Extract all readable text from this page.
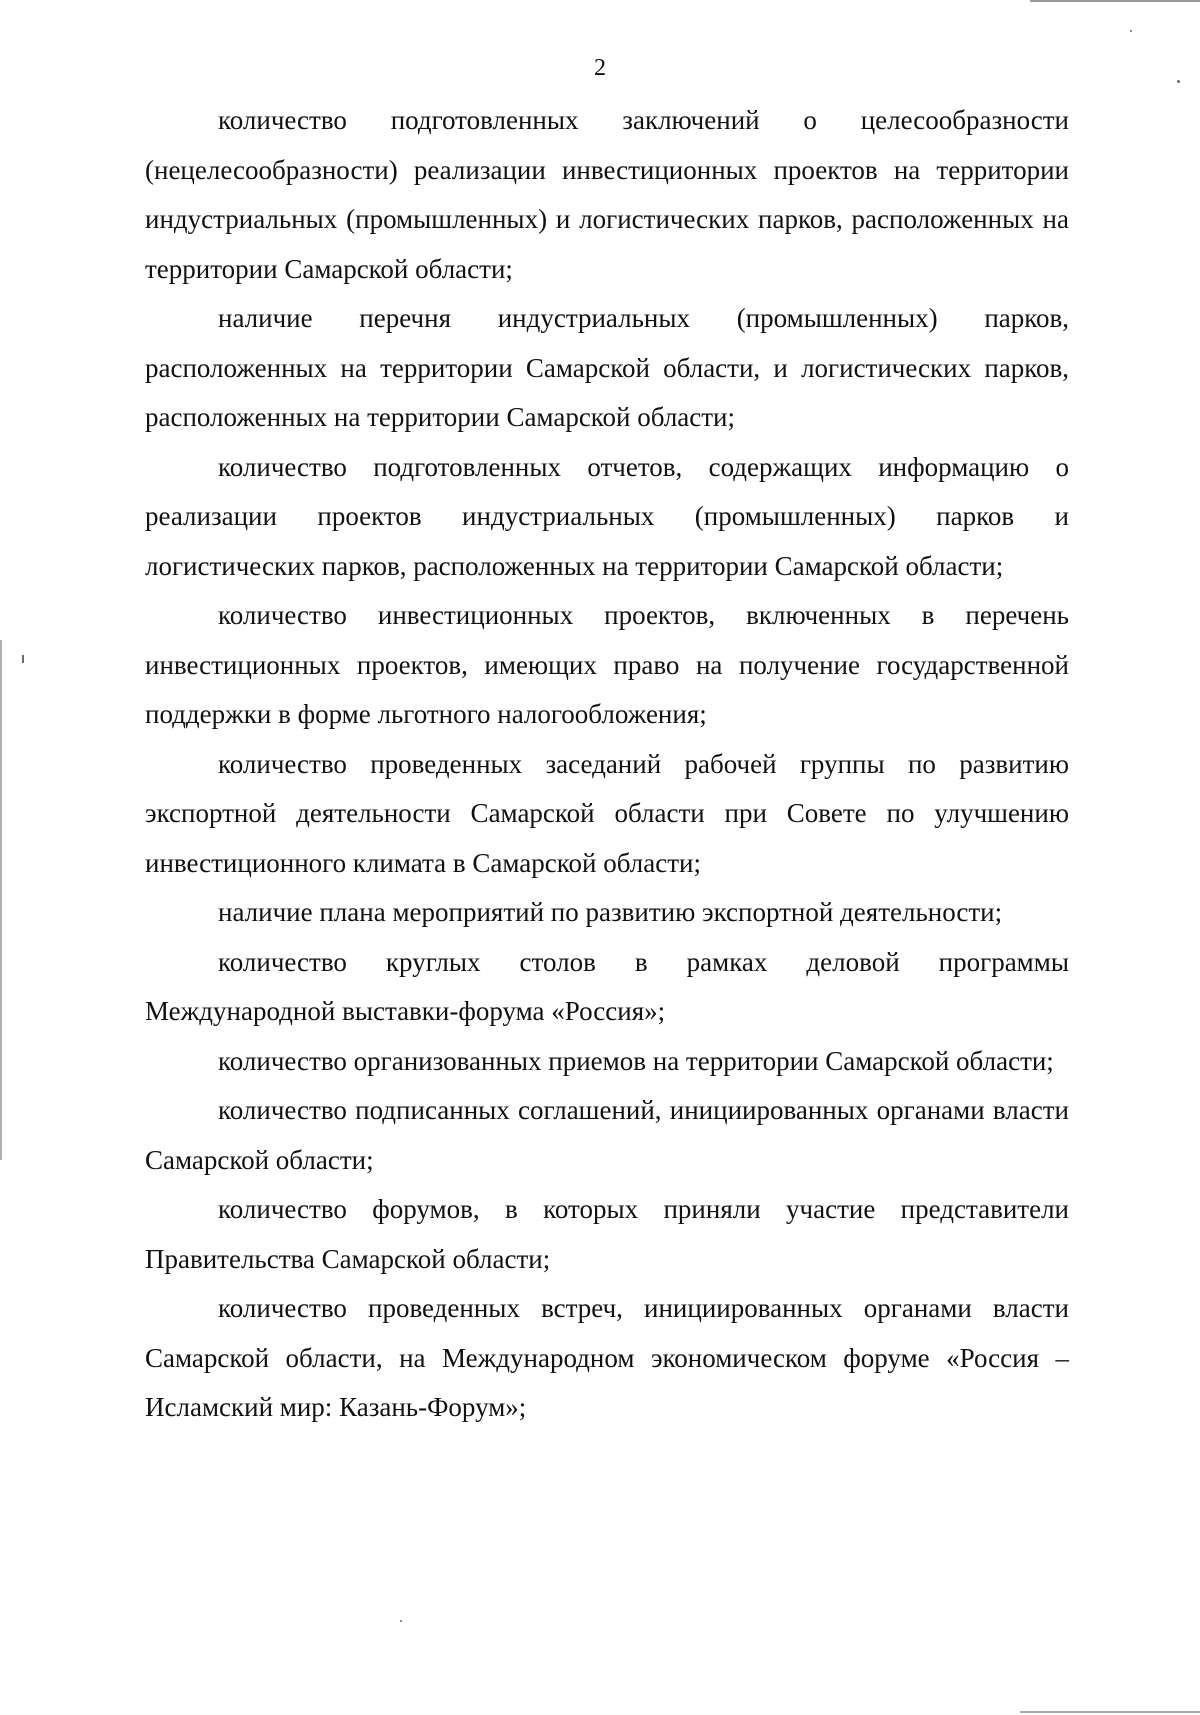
2

количество подготовленных заключений о целесообразности (нецелесообразности) реализации инвестиционных проектов на территории индустриальных (промышленных) и логистических парков, расположенных на территории Самарской области;

наличие перечня индустриальных (промышленных) парков, расположенных на территории Самарской области, и логистических парков, расположенных на территории Самарской области;

количество подготовленных отчетов, содержащих информацию о реализации проектов индустриальных (промышленных) парков и логистических парков, расположенных на территории Самарской области;

количество инвестиционных проектов, включенных в перечень инвестиционных проектов, имеющих право на получение государственной поддержки в форме льготного налогообложения;

количество проведенных заседаний рабочей группы по развитию экспортной деятельности Самарской области при Совете по улучшению инвестиционного климата в Самарской области;

наличие плана мероприятий по развитию экспортной деятельности;

количество круглых столов в рамках деловой программы Международной выставки-форума «Россия»;

количество организованных приемов на территории Самарской области;

количество подписанных соглашений, инициированных органами власти Самарской области;

количество форумов, в которых приняли участие представители Правительства Самарской области;

количество проведенных встреч, инициированных органами власти Самарской области, на Международном экономическом форуме «Россия – Исламский мир: Казань-Форум»;
